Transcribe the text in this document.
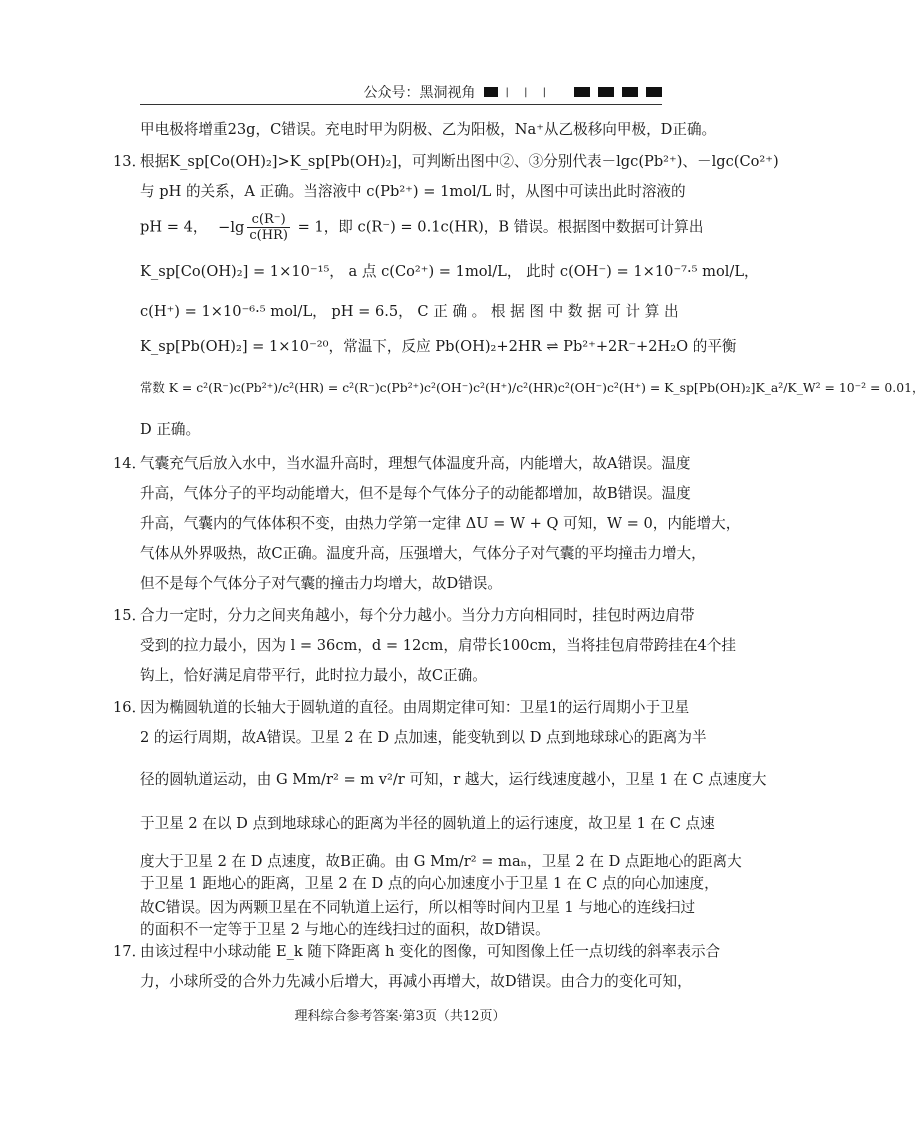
公众号：黑洞视角	| | |
甲电极将增重23g，C错误。充电时甲为阴极、乙为阳极，Na⁺从乙极移向甲极，D正确。
13．
根据K_sp[Co(OH)₂]>K_sp[Pb(OH)₂]，可判断出图中②、③分别代表－lgc(Pb²⁺)、－lgc(Co²⁺)
与 pH 的关系，A 正确。当溶液中 c(Pb²⁺) = 1mol/L 时，从图中可读出此时溶液的
pH = 4， $-\lg \frac{c(R^-)}{c(HR)} = 1$，即 c(R⁻) = 0.1c(HR)，B 错误。根据图中数据可计算出
K_sp[Co(OH)₂] = 1×10⁻¹⁵， a 点 c(Co²⁺) = 1mol/L， 此时 c(OH⁻) = 1×10⁻⁷·⁵ mol/L，
c(H⁺) = 1×10⁻⁶·⁵ mol/L， pH = 6.5， C 正 确 。 根 据 图 中 数 据 可 计 算 出
K_sp[Pb(OH)₂] = 1×10⁻²⁰，常温下，反应 Pb(OH)₂+2HR ⇌ Pb²⁺+2R⁻+2H₂O 的平衡
常数 K = c²(R⁻)c(Pb²⁺)/c²(HR) = c²(R⁻)c(Pb²⁺)c²(OH⁻)c²(H⁺)/c²(HR)c²(OH⁻)c²(H⁺) = K_sp[Pb(OH)₂]K_a²/K_W² = 10⁻² = 0.01，
D 正确。
14．
气囊充气后放入水中，当水温升高时，理想气体温度升高，内能增大，故A错误。温度
升高，气体分子的平均动能增大，但不是每个气体分子的动能都增加，故B错误。温度
升高，气囊内的气体体积不变，由热力学第一定律 ΔU = W + Q 可知，W = 0，内能增大，
气体从外界吸热，故C正确。温度升高，压强增大，气体分子对气囊的平均撞击力增大，
但不是每个气体分子对气囊的撞击力均增大，故D错误。
15．
合力一定时，分力之间夹角越小，每个分力越小。当分力方向相同时，挂包时两边肩带
受到的拉力最小，因为 l = 36cm，d = 12cm，肩带长100cm，当将挂包肩带跨挂在4个挂
钩上，恰好满足肩带平行，此时拉力最小，故C正确。
16．
因为椭圆轨道的长轴大于圆轨道的直径。由周期定律可知：卫星1的运行周期小于卫星
2 的运行周期，故A错误。卫星 2 在 D 点加速，能变轨到以 D 点到地球球心的距离为半
径的圆轨道运动，由 G Mm/r² = m v²/r 可知，r 越大，运行线速度越小，卫星 1 在 C 点速度大
于卫星 2 在以 D 点到地球球心的距离为半径的圆轨道上的运行速度，故卫星 1 在 C 点速
度大于卫星 2 在 D 点速度，故B正确。由 G Mm/r² = maₙ，卫星 2 在 D 点距地心的距离大
于卫星 1 距地心的距离，卫星 2 在 D 点的向心加速度小于卫星 1 在 C 点的向心加速度，
故C错误。因为两颗卫星在不同轨道上运行，所以相等时间内卫星 1 与地心的连线扫过
的面积不一定等于卫星 2 与地心的连线扫过的面积，故D错误。
17．
由该过程中小球动能 E_k 随下降距离 h 变化的图像，可知图像上任一点切线的斜率表示合
力，小球所受的合外力先减小后增大，再减小再增大，故D错误。由合力的变化可知，
理科综合参考答案·第3页（共12页）
